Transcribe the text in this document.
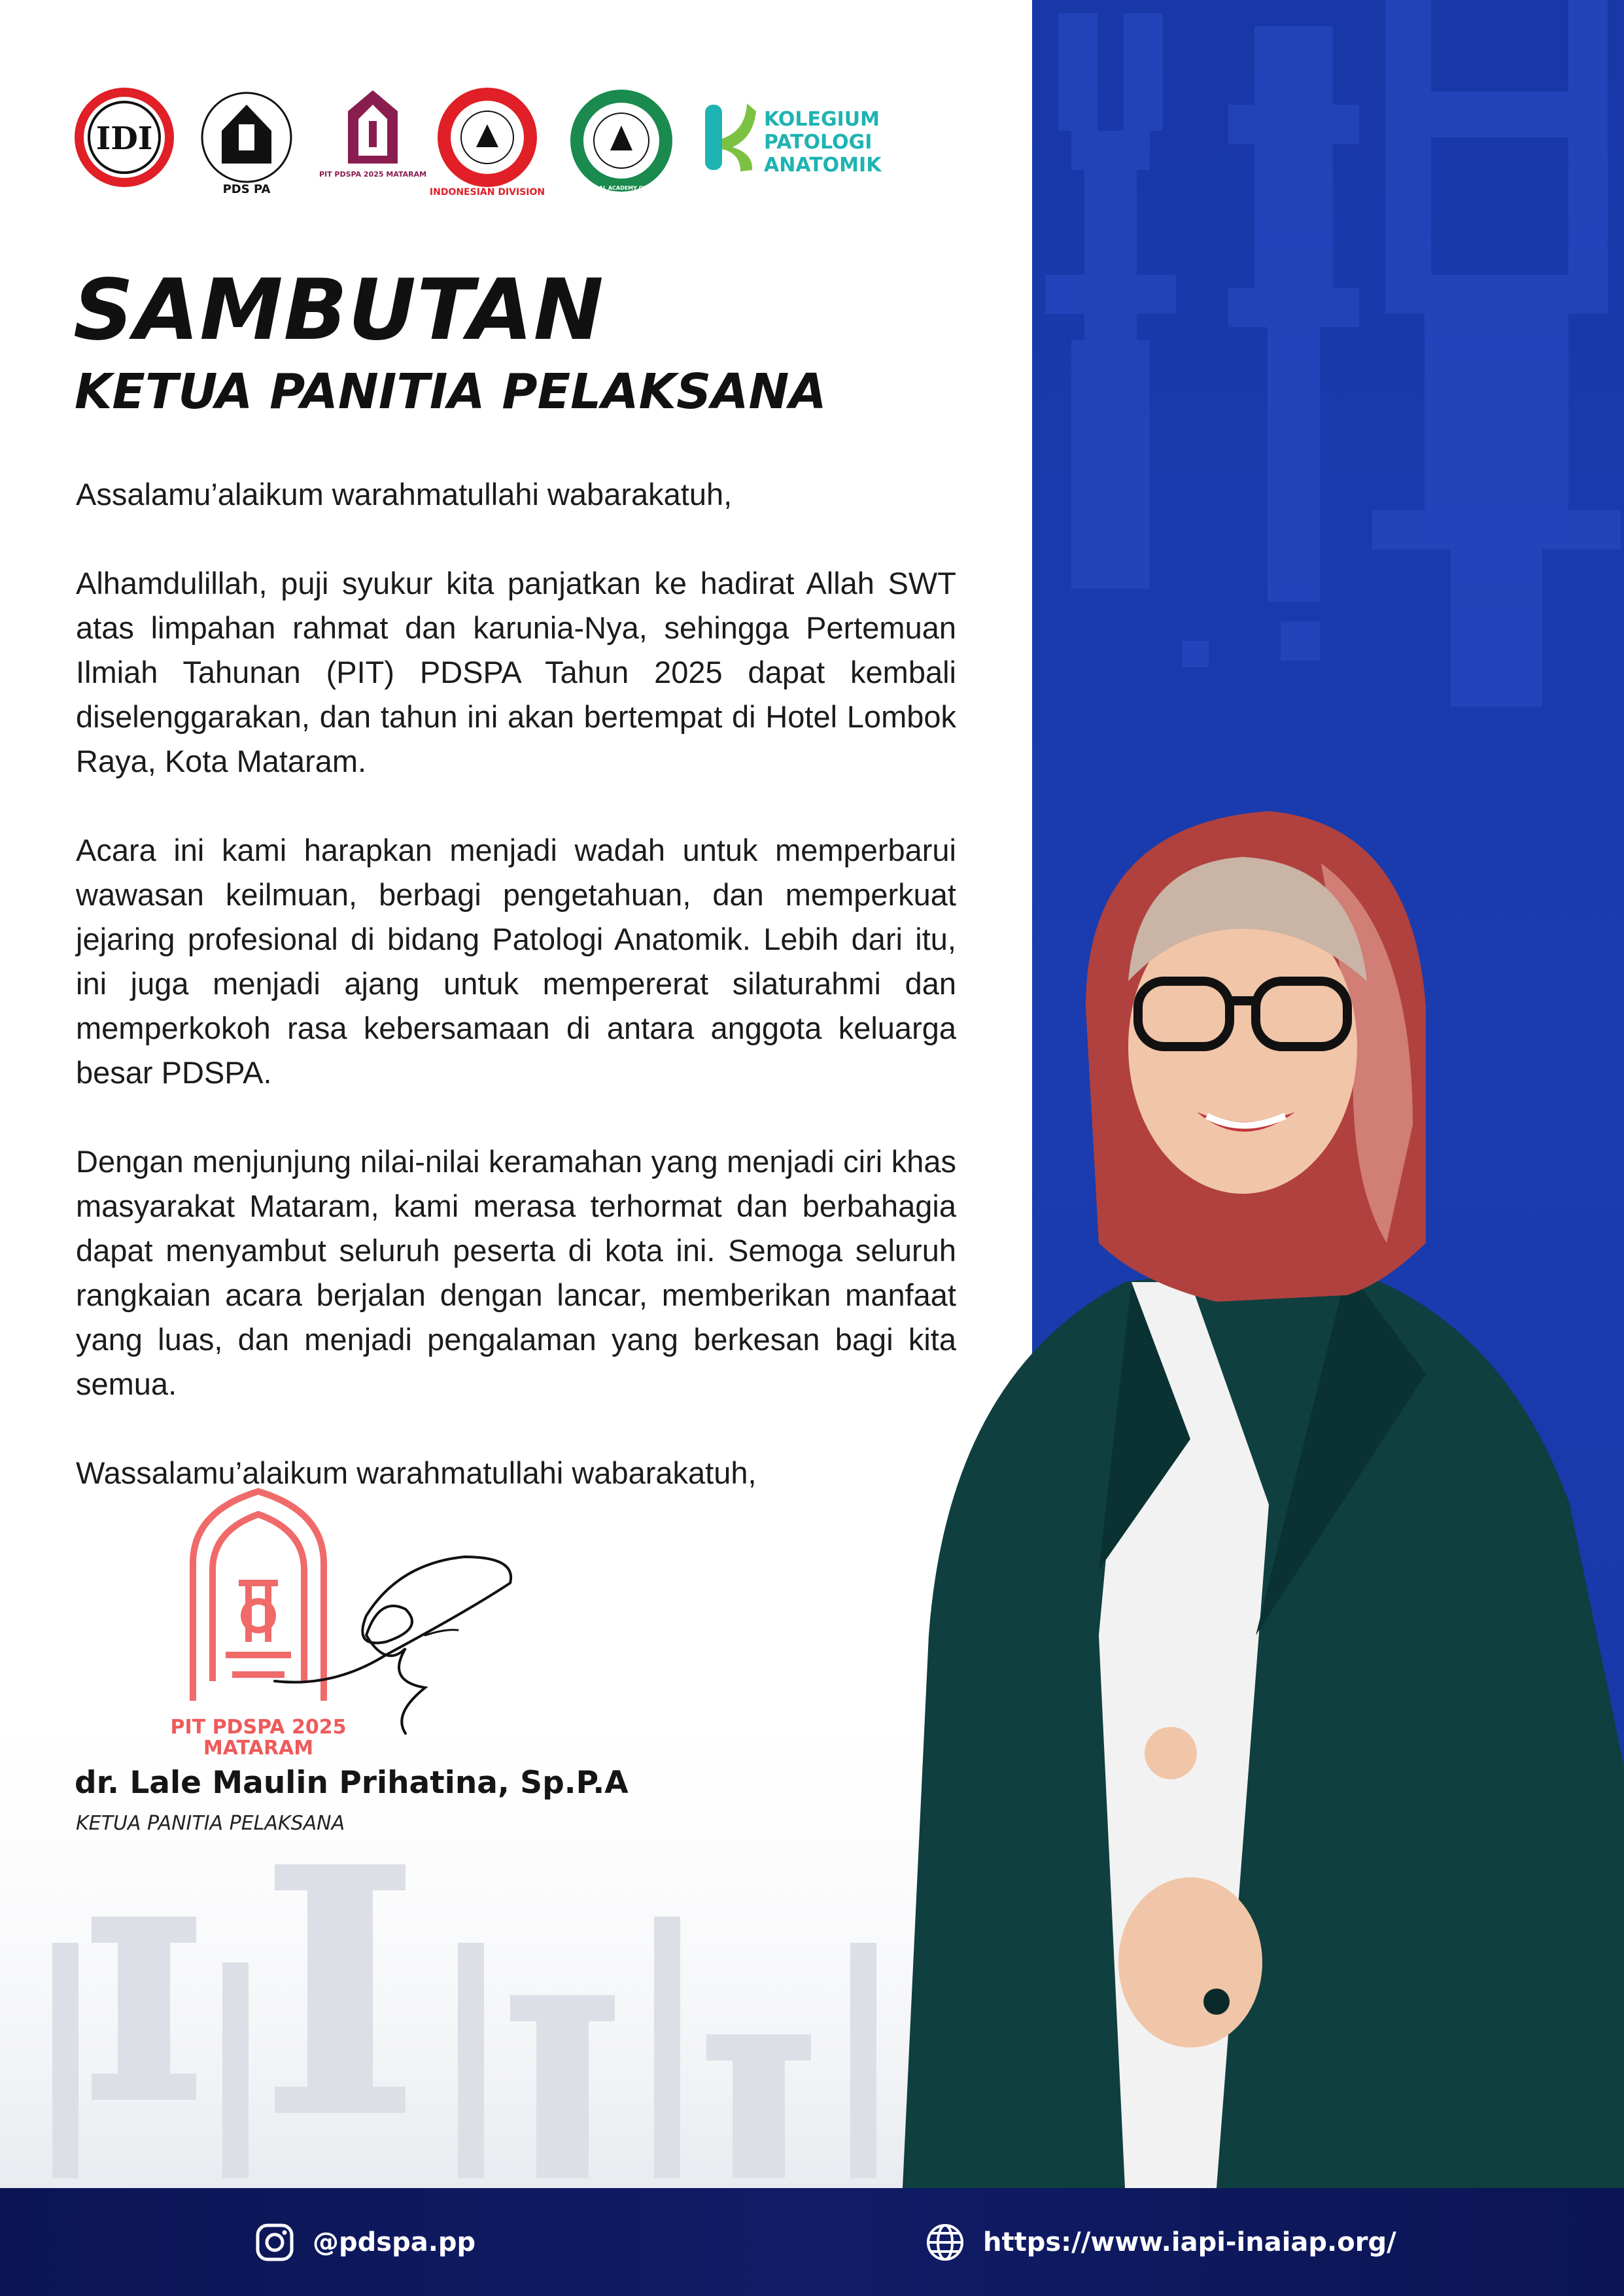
IDI
PDS PA
PIT PDSPA 2025 MATARAM
INDONESIAN DIVISION	INTERNATIONAL ACADEMY OF PATHOLOGY
KOLEGIUM
PATOLOGI
ANATOMIK
SAMBUTAN
KETUA PANITIA PELAKSANA

Assalamu’alaikum warahmatullahi wabarakatuh,

Alhamdulillah, puji syukur kita panjatkan ke hadirat Allah SWT atas limpahan rahmat dan karunia-Nya, sehingga Pertemuan Ilmiah Tahunan (PIT) PDSPA Tahun 2025 dapat kembali diselenggarakan, dan tahun ini akan bertempat di Hotel Lombok Raya, Kota Mataram.

Acara ini kami harapkan menjadi wadah untuk memperbarui wawasan keilmuan, berbagi pengetahuan, dan memperkuat jejaring profesional di bidang Patologi Anatomik. Lebih dari itu, ini juga menjadi ajang untuk mempererat silaturahmi dan memperkokoh rasa kebersamaan di antara anggota keluarga besar PDSPA.

Dengan menjunjung nilai-nilai keramahan yang menjadi ciri khas masyarakat Mataram, kami merasa terhormat dan berbahagia dapat menyambut seluruh peserta di kota ini. Semoga seluruh rangkaian acara berjalan dengan lancar, memberikan manfaat yang luas, dan menjadi pengalaman yang berkesan bagi kita semua.

Wassalamu’alaikum warahmatullahi wabarakatuh,

PIT PDSPA 2025
MATARAM
dr. Lale Maulin Prihatina, Sp.P.A

KETUA PANITIA PELAKSANA

@pdspa.pp	https://www.iapi-inaiap.org/
